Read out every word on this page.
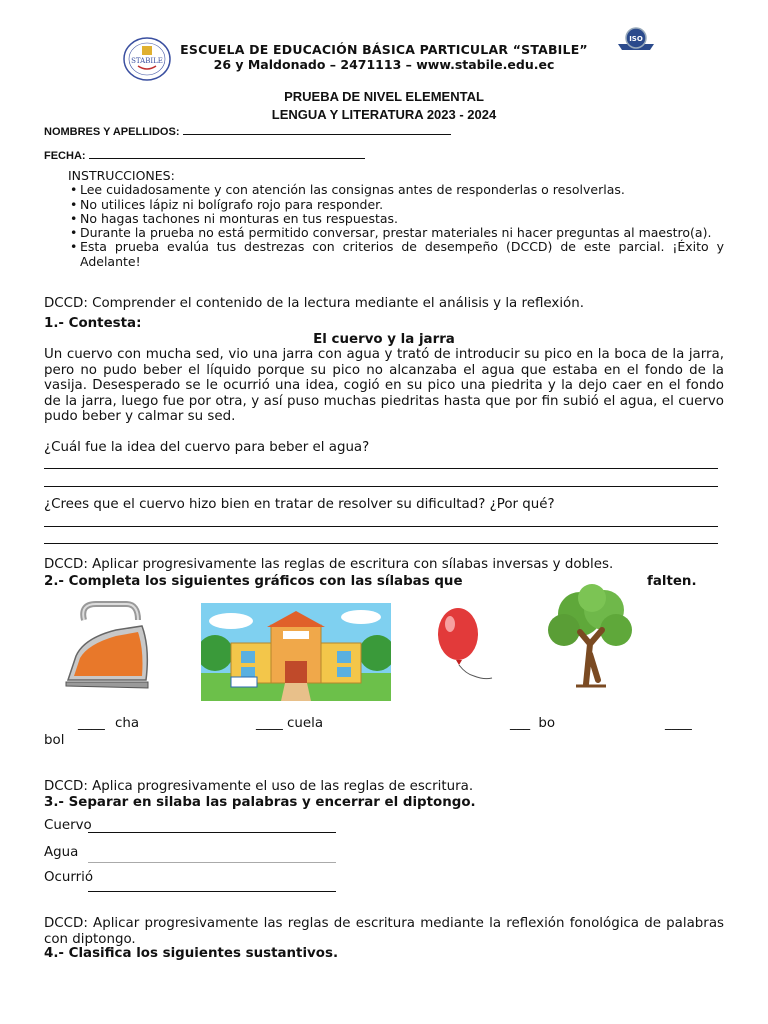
STABILE
ISO
ESCUELA DE EDUCACIÓN BÁSICA PARTICULAR “STABILE”
26 y Maldonado – 2471113 – www.stabile.edu.ec
PRUEBA DE NIVEL ELEMENTAL
LENGUA Y LITERATURA 2023 - 2024
NOMBRES Y APELLIDOS:
FECHA:
INSTRUCCIONES:
• Lee cuidadosamente y con atención las consignas antes de responderlas o resolverlas.
• No utilices lápiz ni bolígrafo rojo para responder.
• No hagas tachones ni monturas en tus respuestas.
• Durante la prueba no está permitido conversar, prestar materiales ni hacer preguntas al maestro(a).
• Esta prueba evalúa tus destrezas con criterios de desempeño (DCCD) de este parcial. ¡Éxito y Adelante!
DCCD: Comprender el contenido de la lectura mediante el análisis y la reflexión.
1.- Contesta:
El cuervo y la jarra
Un cuervo con mucha sed, vio una jarra con agua y trató de introducir su pico en la boca de la jarra, pero no pudo beber el líquido porque su pico no alcanzaba el agua que estaba en el fondo de la vasija. Desesperado se le ocurrió una idea, cogió en su pico una piedrita y la dejo caer en el fondo de la jarra, luego fue por otra, y así puso muchas piedritas hasta que por fin subió el agua, el cuervo pudo beber y calmar su sed.
¿Cuál fue la idea del cuervo para beber el agua?
¿Crees que el cuervo hizo bien en tratar de resolver su dificultad? ¿Por qué?
DCCD: Aplicar progresivamente las reglas de escritura con sílabas inversas y dobles.
2.- Completa los siguientes gráficos con las sílabas que	falten.
____ cha	____ cuela	___ bo	____
bol
DCCD: Aplica progresivamente el uso de las reglas de escritura.
3.- Separar en silaba las palabras y encerrar el diptongo.
Cuervo
Agua
Ocurrió
DCCD: Aplicar progresivamente las reglas de escritura mediante la reflexión fonológica de palabras con diptongo.
4.- Clasifica los siguientes sustantivos.
